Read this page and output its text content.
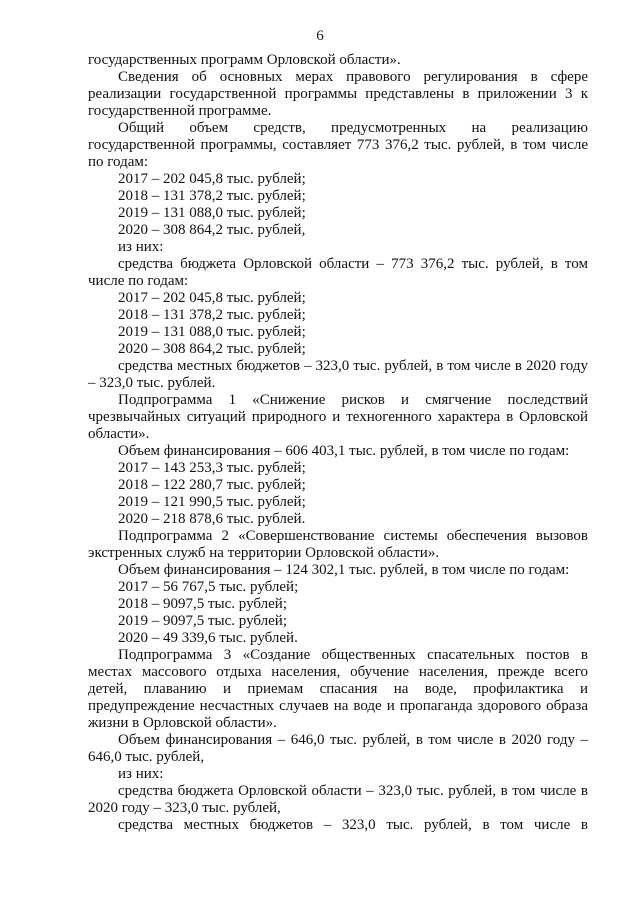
6

государственных программ Орловской области».

Сведения об основных мерах правового регулирования в сфере реализации государственной программы представлены в приложении 3 к государственной программе.

Общий объем средств, предусмотренных на реализацию государственной программы, составляет 773 376,2 тыс. рублей, в том числе по годам:

2017 – 202 045,8 тыс. рублей;

2018 – 131 378,2 тыс. рублей;

2019 – 131 088,0 тыс. рублей;

2020 – 308 864,2 тыс. рублей,

из них:

средства бюджета Орловской области – 773 376,2 тыс. рублей, в том числе по годам:

2017 – 202 045,8 тыс. рублей;

2018 – 131 378,2 тыс. рублей;

2019 – 131 088,0 тыс. рублей;

2020 – 308 864,2 тыс. рублей;

средства местных бюджетов – 323,0 тыс. рублей, в том числе в 2020 году – 323,0 тыс. рублей.

Подпрограмма 1 «Снижение рисков и смягчение последствий чрезвычайных ситуаций природного и техногенного характера в Орловской области».

Объем финансирования – 606 403,1 тыс. рублей, в том числе по годам:

2017 – 143 253,3 тыс. рублей;

2018 – 122 280,7 тыс. рублей;

2019 – 121 990,5 тыс. рублей;

2020 – 218 878,6 тыс. рублей.

Подпрограмма 2 «Совершенствование системы обеспечения вызовов экстренных служб на территории Орловской области».

Объем финансирования – 124 302,1 тыс. рублей, в том числе по годам:

2017 – 56 767,5 тыс. рублей;

2018 – 9097,5 тыс. рублей;

2019 – 9097,5 тыс. рублей;

2020 – 49 339,6 тыс. рублей.

Подпрограмма 3 «Создание общественных спасательных постов в местах массового отдыха населения, обучение населения, прежде всего детей, плаванию и приемам спасания на воде, профилактика и предупреждение несчастных случаев на воде и пропаганда здорового образа жизни в Орловской области».

Объем финансирования – 646,0 тыс. рублей, в том числе в 2020 году – 646,0 тыс. рублей,

из них:

средства бюджета Орловской области – 323,0 тыс. рублей, в том числе в 2020 году – 323,0 тыс. рублей,

средства местных бюджетов – 323,0 тыс. рублей, в том числе в
